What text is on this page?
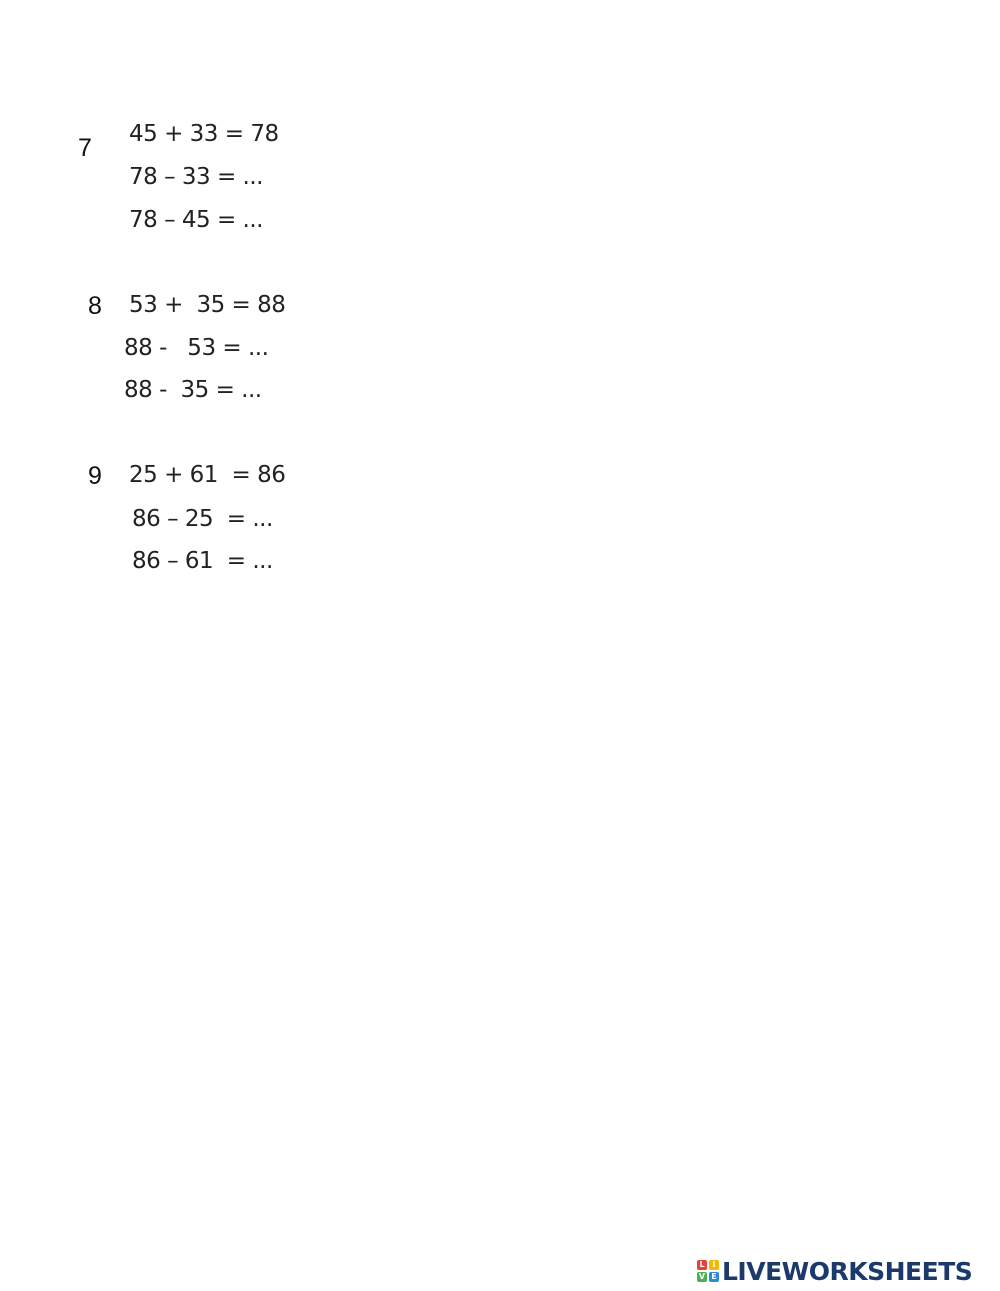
7 45 + 33 = 78
78 – 33 = ...
78 – 45 = ...
8 53 +  35 = 88
88 -   53 = ...
88 -  35 = ...
9 25 + 61  = 86
86 – 25  = ...
86 – 61  = ...
L I
V E LIVEWORKSHEETS
